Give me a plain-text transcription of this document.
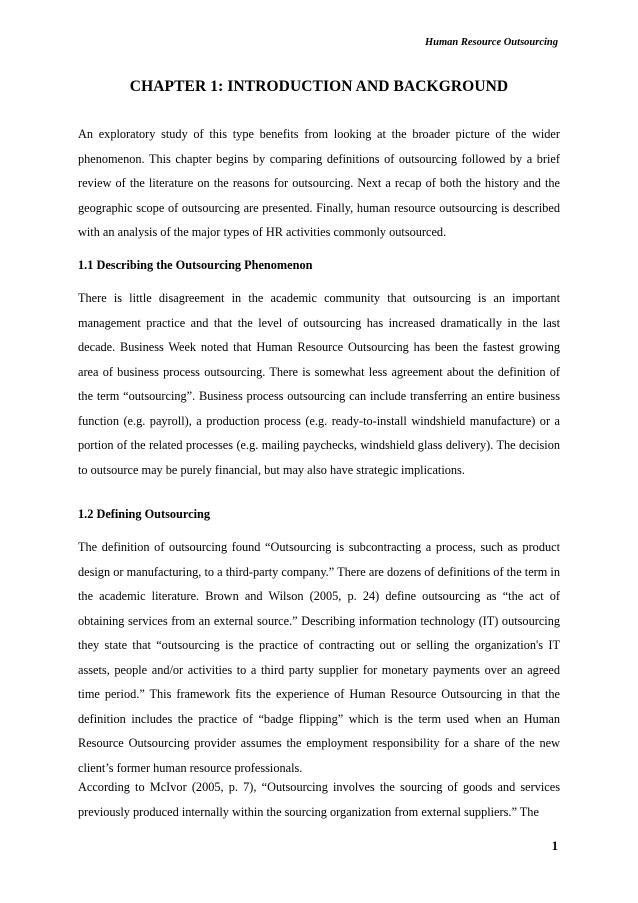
Human Resource Outsourcing
CHAPTER 1: INTRODUCTION AND BACKGROUND

An exploratory study of this type benefits from looking at the broader picture of the wider phenomenon. This chapter begins by comparing definitions of outsourcing followed by a brief review of the literature on the reasons for outsourcing. Next a recap of both the history and the geographic scope of outsourcing are presented. Finally, human resource outsourcing is described with an analysis of the major types of HR activities commonly outsourced.

1.1 Describing the Outsourcing Phenomenon

There is little disagreement in the academic community that outsourcing is an important management practice and that the level of outsourcing has increased dramatically in the last decade. Business Week noted that Human Resource Outsourcing has been the fastest growing area of business process outsourcing. There is somewhat less agreement about the definition of the term “outsourcing”. Business process outsourcing can include transferring an entire business function (e.g. payroll), a production process (e.g. ready-to-install windshield manufacture) or a portion of the related processes (e.g. mailing paychecks, windshield glass delivery). The decision to outsource may be purely financial, but may also have strategic implications.

1.2 Defining Outsourcing

The definition of outsourcing found “Outsourcing is subcontracting a process, such as product design or manufacturing, to a third-party company.” There are dozens of definitions of the term in the academic literature. Brown and Wilson (2005, p. 24) define outsourcing as “the act of obtaining services from an external source.” Describing information technology (IT) outsourcing they state that “outsourcing is the practice of contracting out or selling the organization's IT assets, people and/or activities to a third party supplier for monetary payments over an agreed time period.” This framework fits the experience of Human Resource Outsourcing in that the definition includes the practice of “badge flipping” which is the term used when an Human Resource Outsourcing provider assumes the employment responsibility for a share of the new client’s former human resource professionals.

According to McIvor (2005, p. 7), “Outsourcing involves the sourcing of goods and services previously produced internally within the sourcing organization from external suppliers.” The

1
